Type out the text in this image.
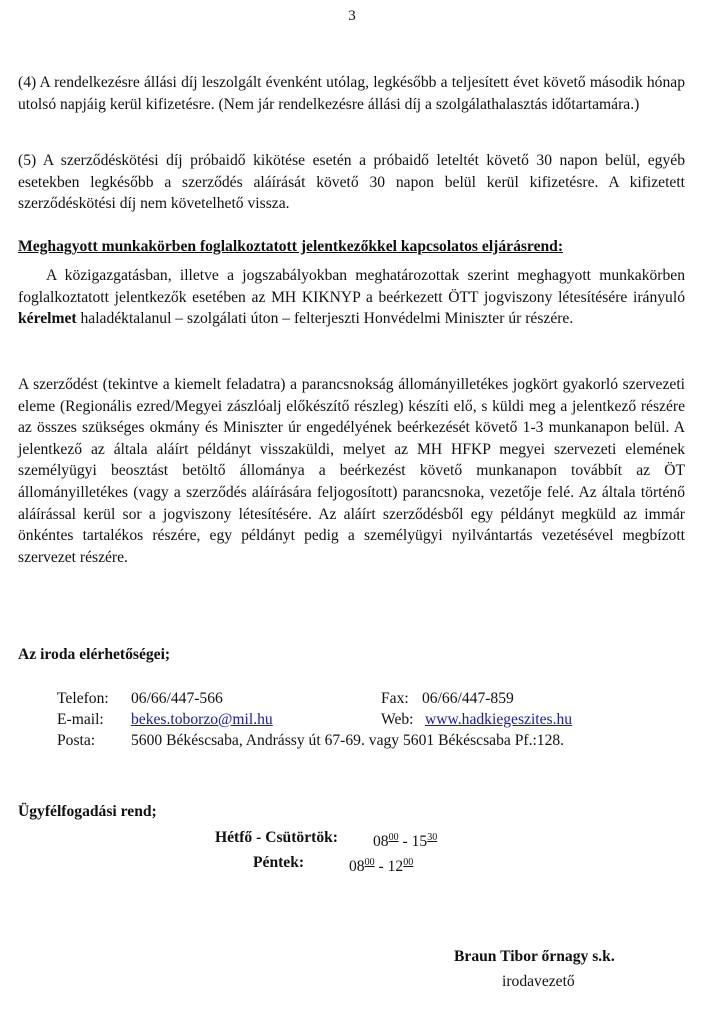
3

(4) A rendelkezésre állási díj leszolgált évenként utólag, legkésőbb a teljesített évet követő második hónap utolsó napjáig kerül kifizetésre. (Nem jár rendelkezésre állási díj a szolgálathalasztás időtartamára.)

(5) A szerződéskötési díj próbaidő kikötése esetén a próbaidő leteltét követő 30 napon belül, egyéb esetekben legkésőbb a szerződés aláírását követő 30 napon belül kerül kifizetésre. A kifizetett szerződéskötési díj nem követelhető vissza.

Meghagyott munkakörben foglalkoztatott jelentkezőkkel kapcsolatos eljárásrend:

A közigazgatásban, illetve a jogszabályokban meghatározottak szerint meghagyott munkakörben foglalkoztatott jelentkezők esetében az MH KIKNYP a beérkezett ÖTT jogviszony létesítésére irányuló kérelmet haladéktalanul – szolgálati úton – felterjeszti Honvédelmi Miniszter úr részére.

A szerződést (tekintve a kiemelt feladatra) a parancsnokság állományilletékes jogkört gyakorló szervezeti eleme (Regionális ezred/Megyei zászlóalj előkészítő részleg) készíti elő, s küldi meg a jelentkező részére az összes szükséges okmány és Miniszter úr engedélyének beérkezését követő 1-3 munkanapon belül. A jelentkező az általa aláírt példányt visszaküldi, melyet az MH HFKP megyei szervezeti elemének személyügyi beosztást betöltő állománya a beérkezést követő munkanapon továbbít az ÖT állományilletékes (vagy a szerződés aláírására feljogosított) parancsnoka, vezetője felé. Az általa történő aláírással kerül sor a jogviszony létesítésére. Az aláírt szerződésből egy példányt megküld az immár önkéntes tartalékos részére, egy példányt pedig a személyügyi nyilvántartás vezetésével megbízott szervezet részére.

Az iroda elérhetőségei;

Telefon: 06/66/447-566	Fax: 06/66/447-859
E-mail: bekes.toborzo@mil.hu	Web: www.hadkiegeszites.hu
Posta: 5600 Békéscsaba, Andrássy út 67-69. vagy 5601 Békéscsaba Pf.:128.

Ügyfélfogadási rend;

Hétfő - Csütörtök: $08^{00} - 15^{30}$
Péntek:	$08^{00} - 12^{00}$
Braun Tibor őrnagy s.k.
irodavezető
